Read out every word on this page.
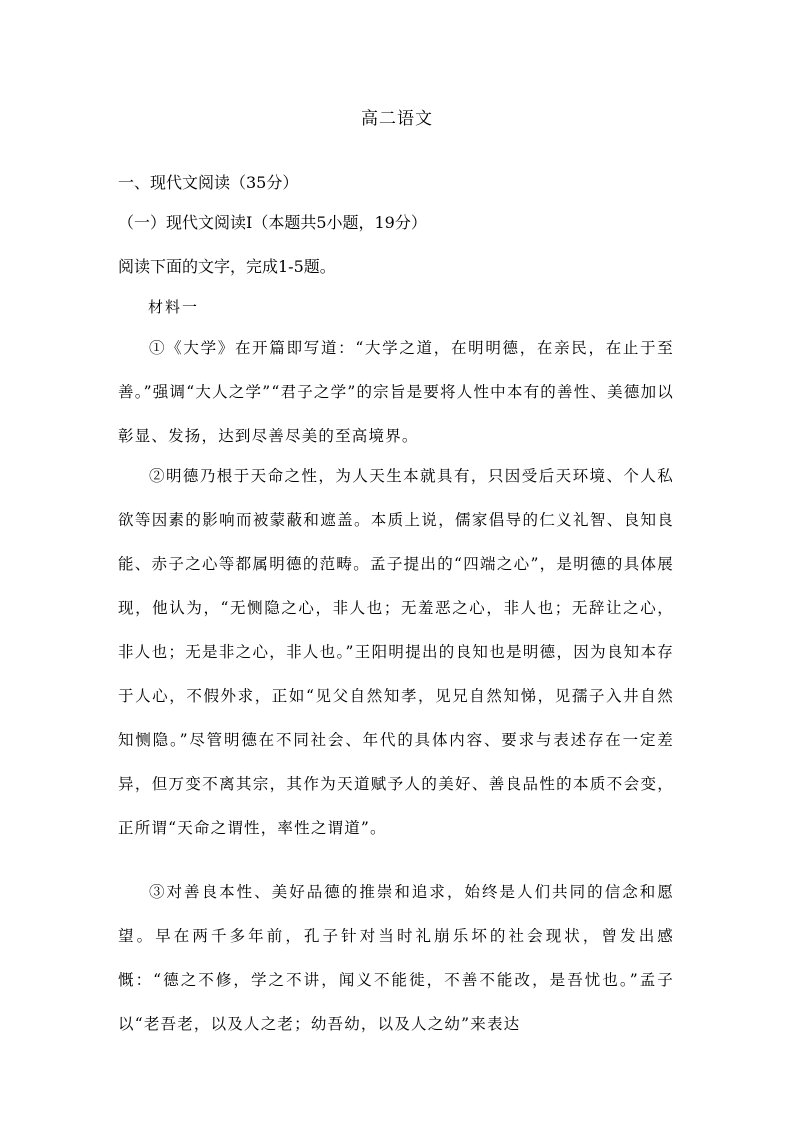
高二语文
一、现代文阅读（35分）
（一）现代文阅读Ⅰ（本题共5小题，19分）
阅读下面的文字，完成1-5题。
材料一

①《大学》在开篇即写道：“大学之道，在明明德，在亲民，在止于至善。”强调“大人之学”“君子之学”的宗旨是要将人性中本有的善性、美德加以彰显、发扬，达到尽善尽美的至高境界。

②明德乃根于天命之性，为人天生本就具有，只因受后天环境、个人私欲等因素的影响而被蒙蔽和遮盖。本质上说，儒家倡导的仁义礼智、良知良能、赤子之心等都属明德的范畴。孟子提出的“四端之心”，是明德的具体展现，他认为，“无恻隐之心，非人也；无羞恶之心，非人也；无辞让之心，非人也；无是非之心，非人也。”王阳明提出的良知也是明德，因为良知本存于人心，不假外求，正如“见父自然知孝，见兄自然知悌，见孺子入井自然知恻隐。”尽管明德在不同社会、年代的具体内容、要求与表述存在一定差异，但万变不离其宗，其作为天道赋予人的美好、善良品性的本质不会变，正所谓“天命之谓性，率性之谓道”。

③对善良本性、美好品德的推崇和追求，始终是人们共同的信念和愿望。早在两千多年前，孔子针对当时礼崩乐坏的社会现状，曾发出感慨：“德之不修，学之不讲，闻义不能徙，不善不能改，是吾忧也。”孟子以“老吾老，以及人之老；幼吾幼，以及人之幼”来表达
